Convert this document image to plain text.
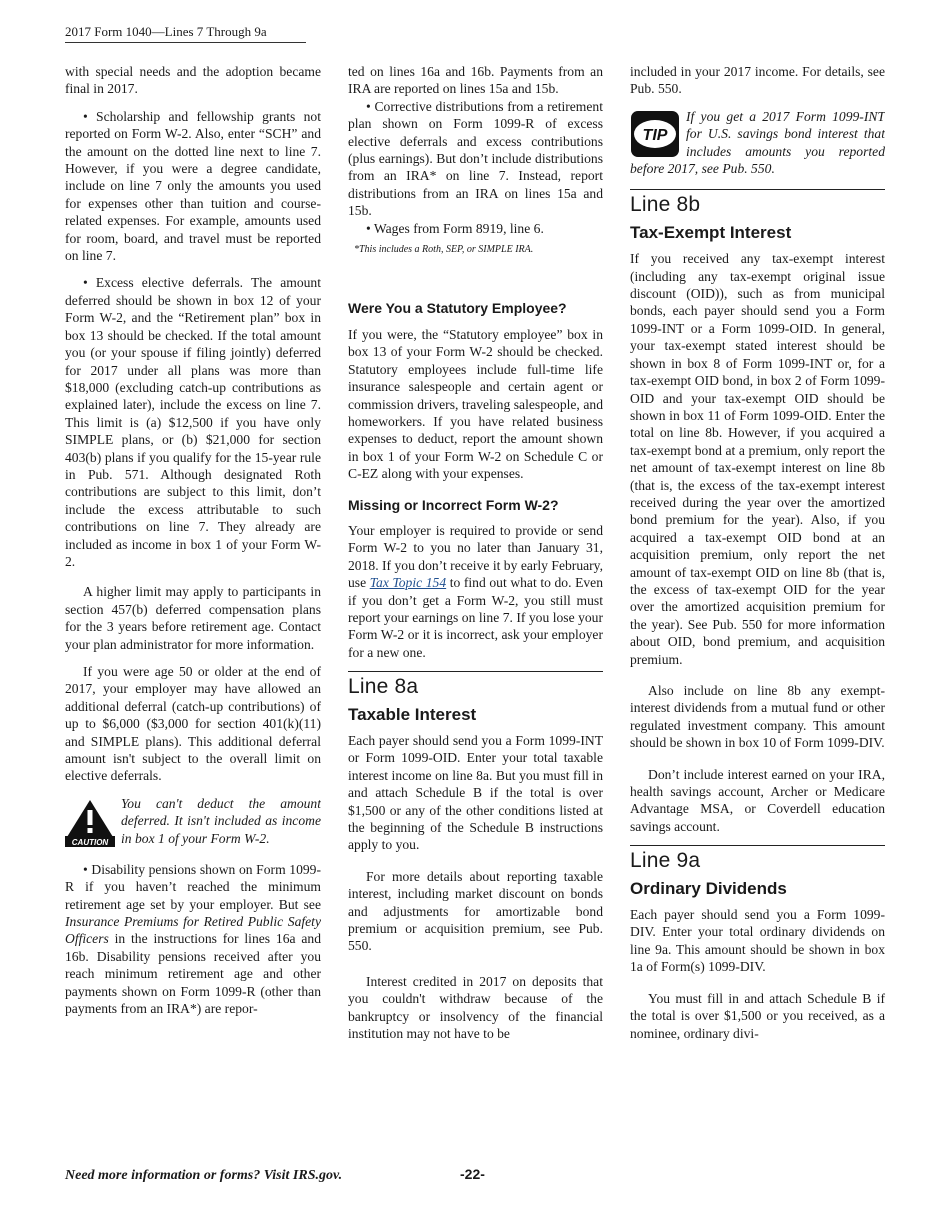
2017 Form 1040—Lines 7 Through 9a

with special needs and the adoption became final in 2017.

• Scholarship and fellowship grants not reported on Form W-2. Also, enter “SCH” and the amount on the dotted line next to line 7. However, if you were a degree candidate, include on line 7 only the amounts you used for expenses other than tuition and course-related expenses. For example, amounts used for room, board, and travel must be reported on line 7.

• Excess elective deferrals. The amount deferred should be shown in box 12 of your Form W-2, and the “Retirement plan” box in box 13 should be checked. If the total amount you (or your spouse if filing jointly) deferred for 2017 under all plans was more than $18,000 (excluding catch-up contributions as explained later), include the excess on line 7. This limit is (a) $12,500 if you have only SIMPLE plans, or (b) $21,000 for section 403(b) plans if you qualify for the 15-year rule in Pub. 571. Although designated Roth contributions are subject to this limit, don’t include the excess attributable to such contributions on line 7. They already are included as income in box 1 of your Form W-2.

A higher limit may apply to participants in section 457(b) deferred compensation plans for the 3 years before retirement age. Contact your plan administrator for more information.

If you were age 50 or older at the end of 2017, your employer may have allowed an additional deferral (catch-up contributions) of up to $6,000 ($3,000 for section 401(k)(11) and SIMPLE plans). This additional deferral amount isn't subject to the overall limit on elective deferrals.

CAUTION
You can't deduct the amount deferred. It isn't included as income in box 1 of your Form W-2.

• Disability pensions shown on Form 1099-R if you haven’t reached the minimum retirement age set by your employer. But see Insurance Premiums for Retired Public Safety Officers in the instructions for lines 16a and 16b. Disability pensions received after you reach minimum retirement age and other payments shown on Form 1099-R (other than payments from an IRA*) are repor-

ted on lines 16a and 16b. Payments from an IRA are reported on lines 15a and 15b.

• Corrective distributions from a retirement plan shown on Form 1099-R of excess elective deferrals and excess contributions (plus earnings). But don’t include distributions from an IRA* on line 7. Instead, report distributions from an IRA on lines 15a and 15b.

• Wages from Form 8919, line 6.

*This includes a Roth, SEP, or SIMPLE IRA.
Were You a Statutory Employee?

If you were, the “Statutory employee” box in box 13 of your Form W-2 should be checked. Statutory employees include full-time life insurance salespeople and certain agent or commission drivers, traveling salespeople, and homeworkers. If you have related business expenses to deduct, report the amount shown in box 1 of your Form W-2 on Schedule C or C-EZ along with your expenses.

Missing or Incorrect Form W-2?

Your employer is required to provide or send Form W-2 to you no later than January 31, 2018. If you don’t receive it by early February, use Tax Topic 154 to find out what to do. Even if you don’t get a Form W-2, you still must report your earnings on line 7. If you lose your Form W-2 or it is incorrect, ask your employer for a new one.

Line 8a
Taxable Interest

Each payer should send you a Form 1099-INT or Form 1099-OID. Enter your total taxable interest income on line 8a. But you must fill in and attach Schedule B if the total is over $1,500 or any of the other conditions listed at the beginning of the Schedule B instructions apply to you.

For more details about reporting taxable interest, including market discount on bonds and adjustments for amortizable bond premium or acquisition premium, see Pub. 550.

Interest credited in 2017 on deposits that you couldn't withdraw because of the bankruptcy or insolvency of the financial institution may not have to be

included in your 2017 income. For details, see Pub. 550.

TIP
If you get a 2017 Form 1099-INT for U.S. savings bond interest that includes amounts you reported before 2017, see Pub. 550.
Line 8b
Tax-Exempt Interest

If you received any tax-exempt interest (including any tax-exempt original issue discount (OID)), such as from municipal bonds, each payer should send you a Form 1099-INT or a Form 1099-OID. In general, your tax-exempt stated interest should be shown in box 8 of Form 1099-INT or, for a tax-exempt OID bond, in box 2 of Form 1099-OID and your tax-exempt OID should be shown in box 11 of Form 1099-OID. Enter the total on line 8b. However, if you acquired a tax-exempt bond at a premium, only report the net amount of tax-exempt interest on line 8b (that is, the excess of the tax-exempt interest received during the year over the amortized bond premium for the year). Also, if you acquired a tax-exempt OID bond at an acquisition premium, only report the net amount of tax-exempt OID on line 8b (that is, the excess of tax-exempt OID for the year over the amortized acquisition premium for the year). See Pub. 550 for more information about OID, bond premium, and acquisition premium.

Also include on line 8b any exempt-interest dividends from a mutual fund or other regulated investment company. This amount should be shown in box 10 of Form 1099-DIV.

Don’t include interest earned on your IRA, health savings account, Archer or Medicare Advantage MSA, or Coverdell education savings account.

Line 9a
Ordinary Dividends

Each payer should send you a Form 1099-DIV. Enter your total ordinary dividends on line 9a. This amount should be shown in box 1a of Form(s) 1099-DIV.

You must fill in and attach Schedule B if the total is over $1,500 or you received, as a nominee, ordinary divi-

Need more information or forms? Visit IRS.gov.	-22-
